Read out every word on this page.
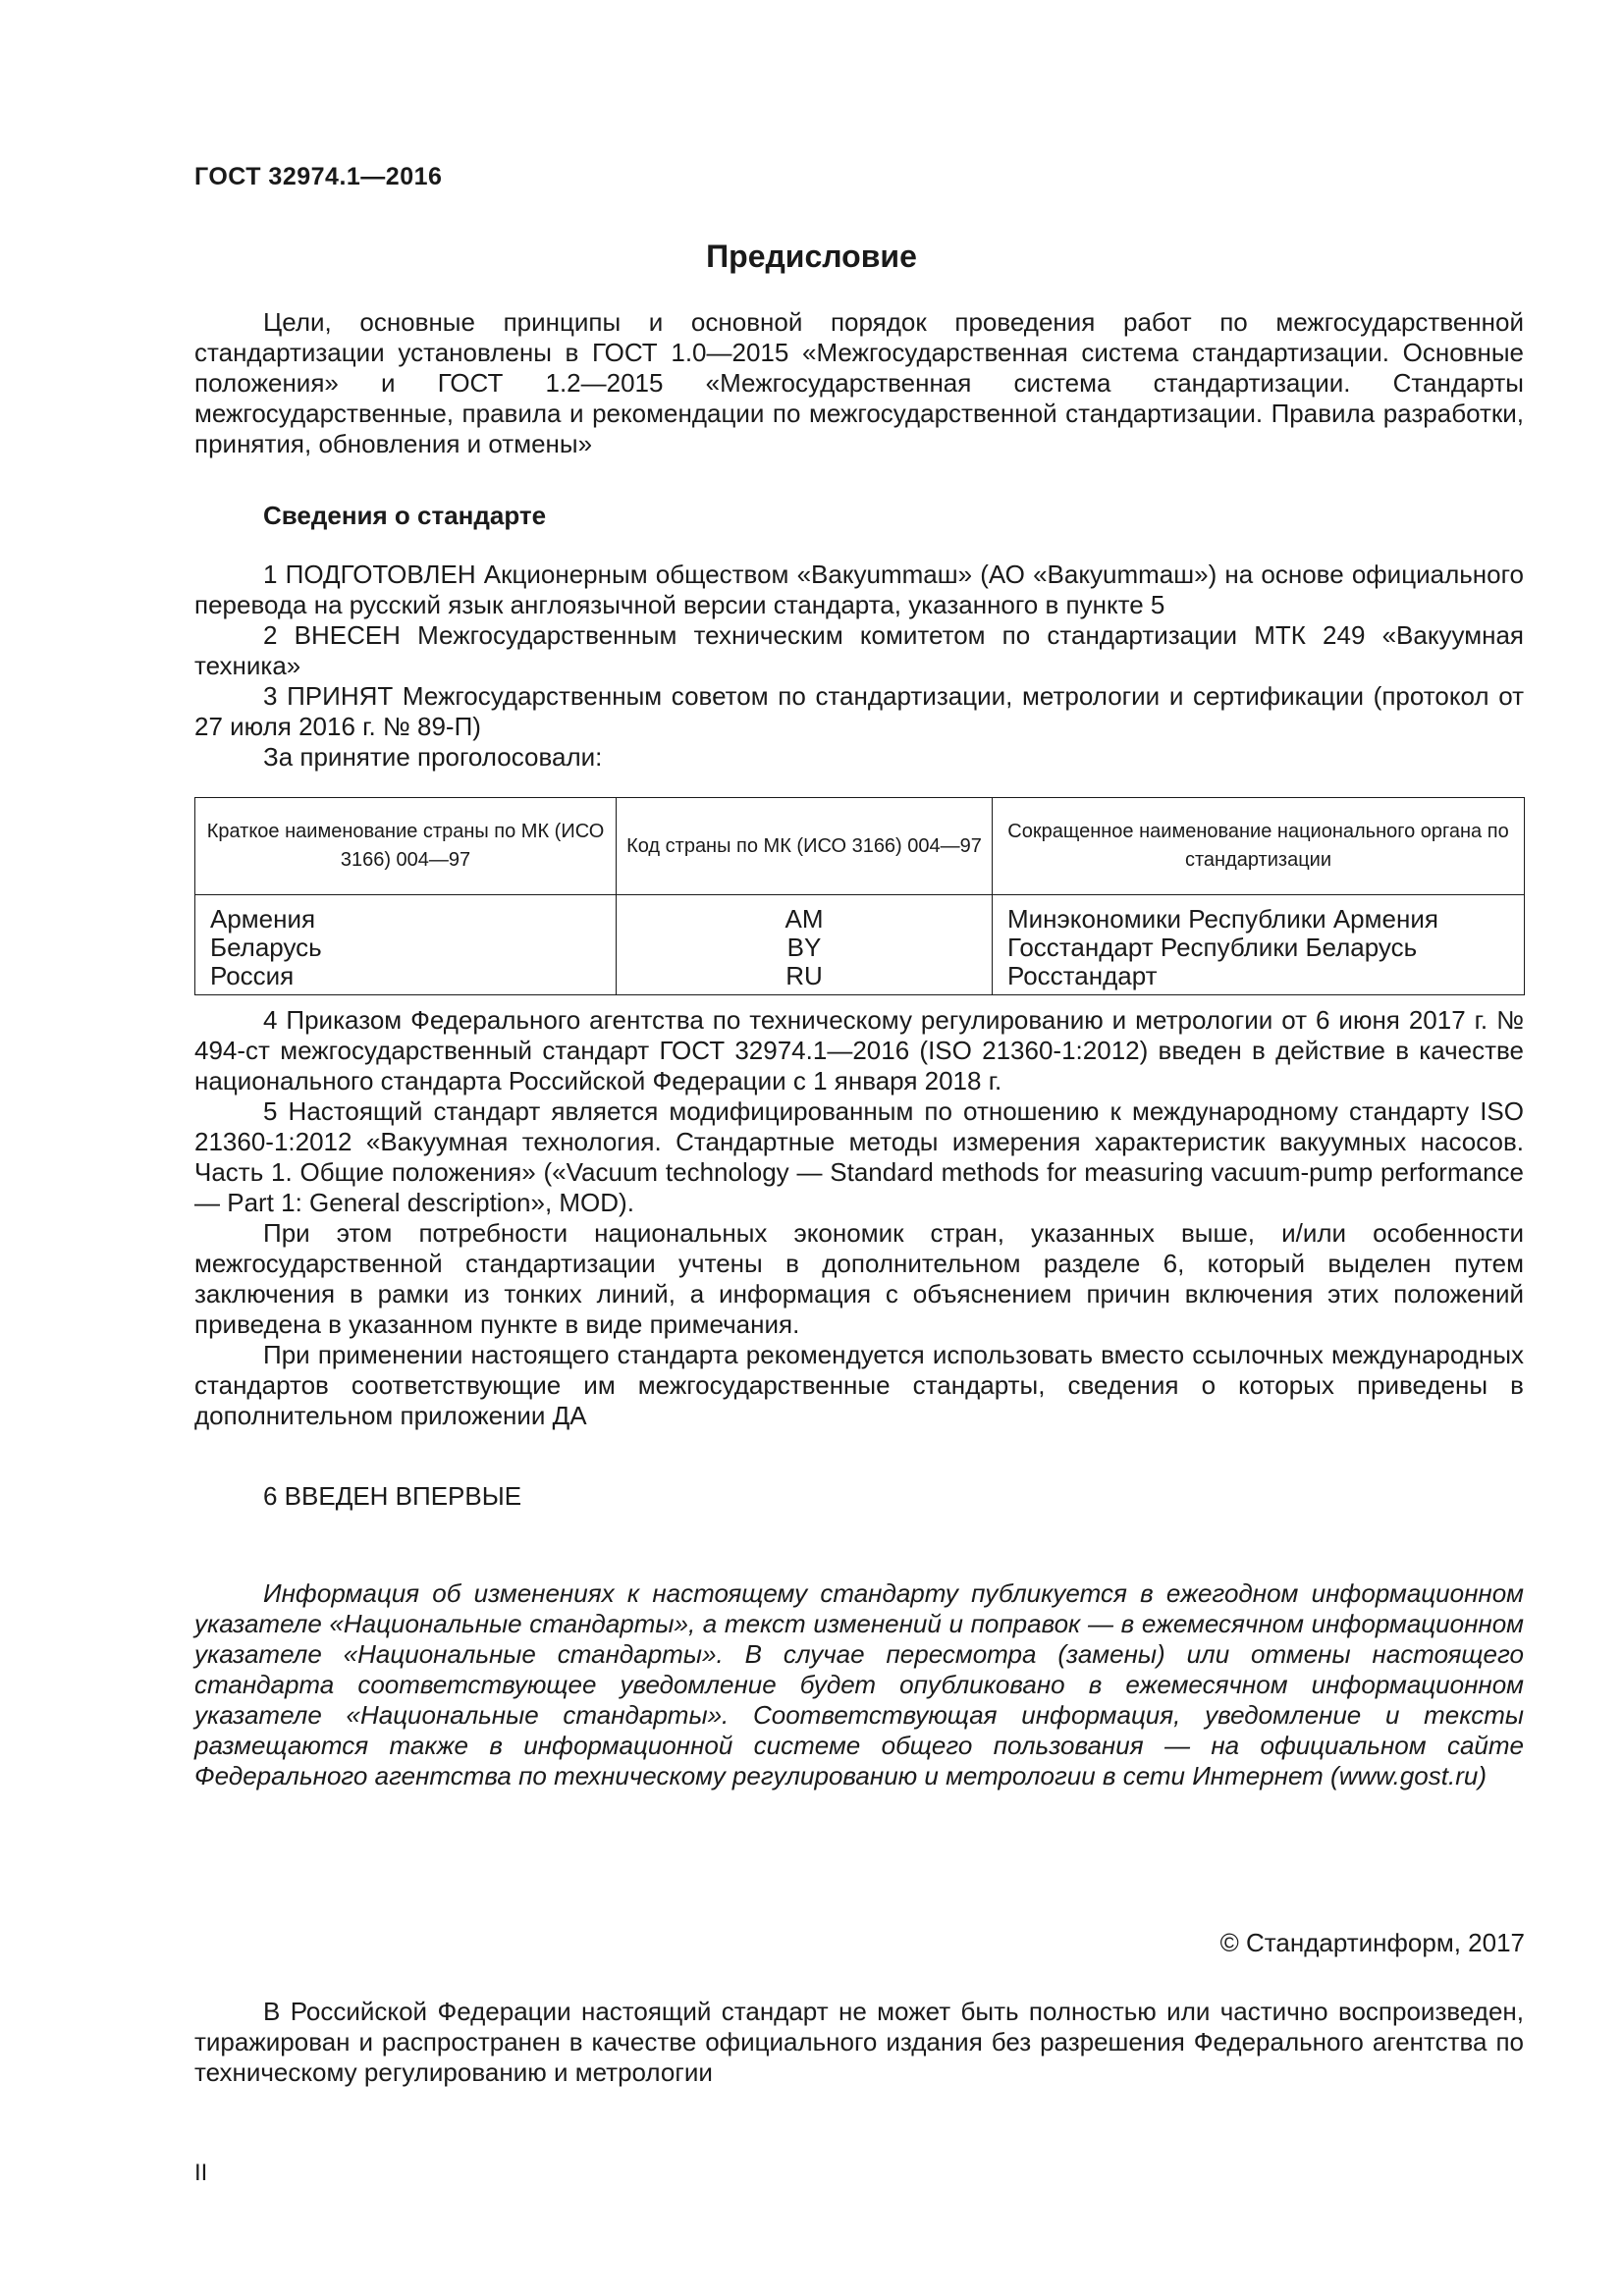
ГОСТ 32974.1—2016
Предисловие

Цели, основные принципы и основной порядок проведения работ по межгосударственной стандартизации установлены в ГОСТ 1.0—2015 «Межгосударственная система стандартизации. Основные положения» и ГОСТ 1.2—2015 «Межгосударственная система стандартизации. Стандарты межгосударственные, правила и рекомендации по межгосударственной стандартизации. Правила разработки, принятия, обновления и отмены»

Сведения о стандарте

1 ПОДГОТОВЛЕН Акционерным обществом «Вакуummаш» (АО «Вакуummаш») на основе официального перевода на русский язык англоязычной версии стандарта, указанного в пункте 5

2 ВНЕСЕН Межгосударственным техническим комитетом по стандартизации МТК 249 «Вакуумная техника»

3 ПРИНЯТ Межгосударственным советом по стандартизации, метрологии и сертификации (протокол от 27 июля 2016 г. № 89-П)

За принятие проголосовали:

Краткое наименование страны по МК (ИСО 3166) 004—97	Код страны по МК (ИСО 3166) 004—97	Сокращенное наименование национального органа по стандартизации
Армения	AM	Минэкономики Республики Армения
Беларусь	BY	Госстандарт Республики Беларусь
Россия	RU	Росстандарт

4 Приказом Федерального агентства по техническому регулированию и метрологии от 6 июня 2017 г. № 494-ст межгосударственный стандарт ГОСТ 32974.1—2016 (ISO 21360-1:2012) введен в действие в качестве национального стандарта Российской Федерации с 1 января 2018 г.

5 Настоящий стандарт является модифицированным по отношению к международному стандарту ISO 21360-1:2012 «Вакуумная технология. Стандартные методы измерения характеристик вакуумных насосов. Часть 1. Общие положения» («Vacuum technology — Standard methods for measuring vacuum-pump performance — Part 1: General description», MOD).

При этом потребности национальных экономик стран, указанных выше, и/или особенности межгосударственной стандартизации учтены в дополнительном разделе 6, который выделен путем заключения в рамки из тонких линий, а информация с объяснением причин включения этих положений приведена в указанном пункте в виде примечания.

При применении настоящего стандарта рекомендуется использовать вместо ссылочных международных стандартов соответствующие им межгосударственные стандарты, сведения о которых приведены в дополнительном приложении ДА

6 ВВЕДЕН ВПЕРВЫЕ

Информация об изменениях к настоящему стандарту публикуется в ежегодном информационном указателе «Национальные стандарты», а текст изменений и поправок — в ежемесячном информационном указателе «Национальные стандарты». В случае пересмотра (замены) или отмены настоящего стандарта соответствующее уведомление будет опубликовано в ежемесячном информационном указателе «Национальные стандарты». Соответствующая информация, уведомление и тексты размещаются также в информационной системе общего пользования — на официальном сайте Федерального агентства по техническому регулированию и метрологии в сети Интернет (www.gost.ru)

© Стандартинформ, 2017

В Российской Федерации настоящий стандарт не может быть полностью или частично воспроизведен, тиражирован и распространен в качестве официального издания без разрешения Федерального агентства по техническому регулированию и метрологии

II
